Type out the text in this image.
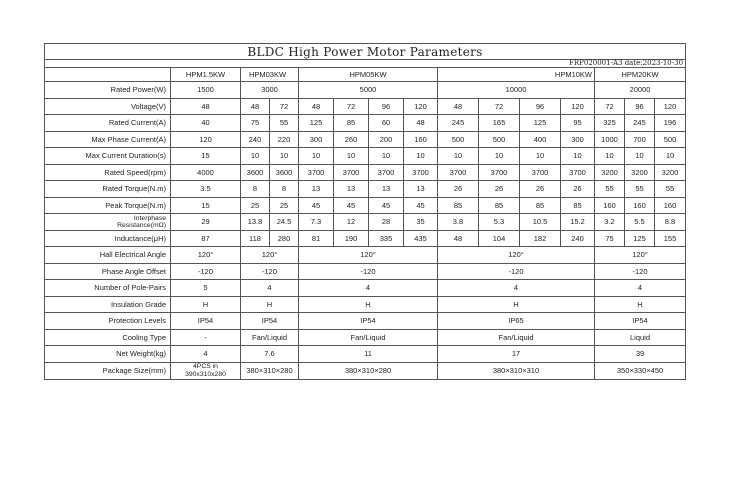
BLDC High Power Motor Parameters														
FRP020001-A3 date:2023-10-30														
	HPM1.5KW	HPM03KW		HPM05KW				HPM10KW				HPM20KW		
Rated Power(W)	1500	3000		5000				10000				20000		
Voltage(V)	48	48	72	48	72	96	120	48	72	96	120	72	96	120
Rated Current(A)	40	75	55	125	85	60	48	245	165	125	95	325	245	196
Max Phase Current(A)	120	240	220	300	260	200	160	500	500	400	300	1000	700	500
Max Current Duration(s)	15	10	10	10	10	10	10	10	10	10	10	10	10	10
Rated Speed(rpm)	4000	3600	3600	3700	3700	3700	3700	3700	3700	3700	3700	3200	3200	3200
Rated Torque(N.m)	3.5	8	8	13	13	13	13	26	26	26	26	55	55	55
Peak Torque(N.m)	15	25	25	45	45	45	45	85	85	85	85	160	160	160
Interphase
Resistance(mΩ)	29	13.8	24.5	7.3	12	28	35	3.8	5.3	10.5	15.2	3.2	5.5	8.8
Inductance(μH)	87	118	280	81	190	335	435	48	104	182	240	75	125	155
Hall Electrical Angle	120°	120°		120°				120°				120°		
Phase Angle Offset	-120	-120		-120				-120				-120		
Number of Pole-Pairs	5	4		4				4				4		
Insulation Grade	H	H		H				H				H		
Protection Levels	IP54	IP54		IP54				IP65				IP54		
Cooling Type	-	Fan/Liquid		Fan/Liquid				Fan/Liquid				Liquid		
Net Weight(kg)	4	7.6		11				17				39		
Package Size(mm)	4PCS in
390x310x280	380×310×280		380×310×280				380×310×310				350×330×450		
